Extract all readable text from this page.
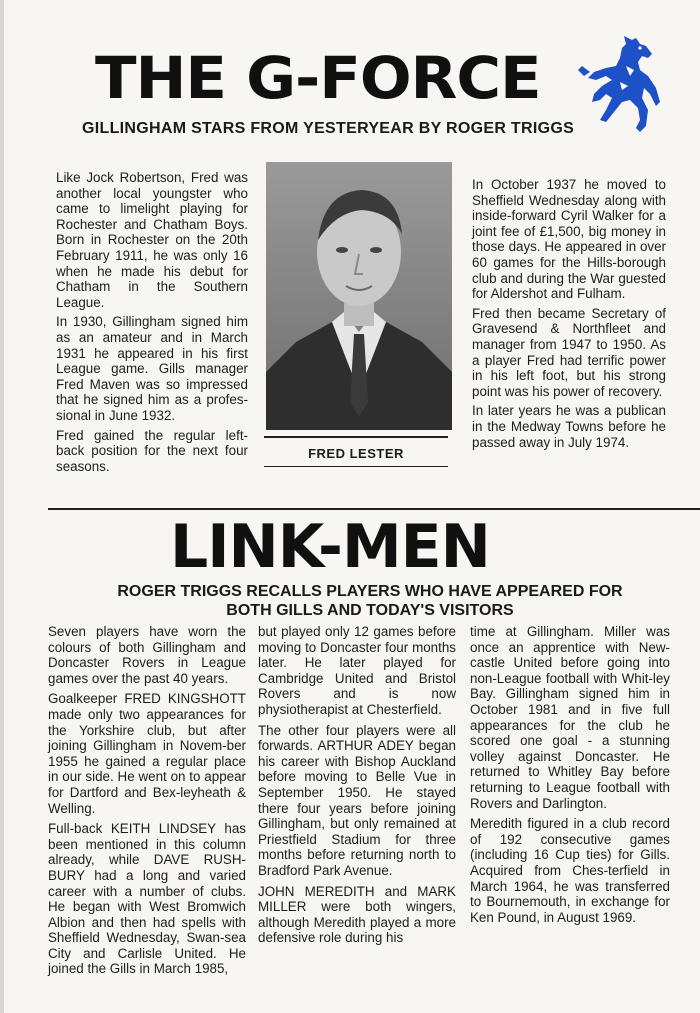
THE G-FORCE
GILLINGHAM STARS FROM YESTERYEAR BY ROGER TRIGGS

Like Jock Robertson, Fred was another local youngster who came to limelight playing for Rochester and Chatham Boys. Born in Rochester on the 20th February 1911, he was only 16 when he made his debut for Chatham in the Southern League.

In 1930, Gillingham signed him as an amateur and in March 1931 he appeared in his first League game. Gills manager Fred Maven was so impressed that he signed him as a profes-sional in June 1932.

Fred gained the regular left-back position for the next four seasons.

FRED LESTER

In October 1937 he moved to Sheffield Wednesday along with inside-forward Cyril Walker for a joint fee of £1,500, big money in those days. He appeared in over 60 games for the Hills-borough club and during the War guested for Aldershot and Fulham.

Fred then became Secretary of Gravesend & Northfleet and manager from 1947 to 1950. As a player Fred had terrific power in his left foot, but his strong point was his power of recovery.

In later years he was a publican in the Medway Towns before he passed away in July 1974.

LINK-MEN
ROGER TRIGGS RECALLS PLAYERS WHO HAVE APPEARED FOR
BOTH GILLS AND TODAY'S VISITORS

Seven players have worn the colours of both Gillingham and Doncaster Rovers in League games over the past 40 years.

Goalkeeper FRED KINGSHOTT made only two appearances for the Yorkshire club, but after joining Gillingham in Novem-ber 1955 he gained a regular place in our side. He went on to appear for Dartford and Bex-leyheath & Welling.

Full-back KEITH LINDSEY has been mentioned in this column already, while DAVE RUSH-BURY had a long and varied career with a number of clubs. He began with West Bromwich Albion and then had spells with Sheffield Wednesday, Swan-sea City and Carlisle United. He joined the Gills in March 1985,

but played only 12 games before moving to Doncaster four months later. He later played for Cambridge United and Bristol Rovers and is now physiotherapist at Chesterfield.

The other four players were all forwards. ARTHUR ADEY began his career with Bishop Auckland before moving to Belle Vue in September 1950. He stayed there four years before joining Gillingham, but only remained at Priestfield Stadium for three months before returning north to Bradford Park Avenue.

JOHN MEREDITH and MARK MILLER were both wingers, although Meredith played a more defensive role during his

time at Gillingham. Miller was once an apprentice with New-castle United before going into non-League football with Whit-ley Bay. Gillingham signed him in October 1981 and in five full appearances for the club he scored one goal - a stunning volley against Doncaster. He returned to Whitley Bay before returning to League football with Rovers and Darlington.

Meredith figured in a club record of 192 consecutive games (including 16 Cup ties) for Gills. Acquired from Ches-terfield in March 1964, he was transferred to Bournemouth, in exchange for Ken Pound, in August 1969.
